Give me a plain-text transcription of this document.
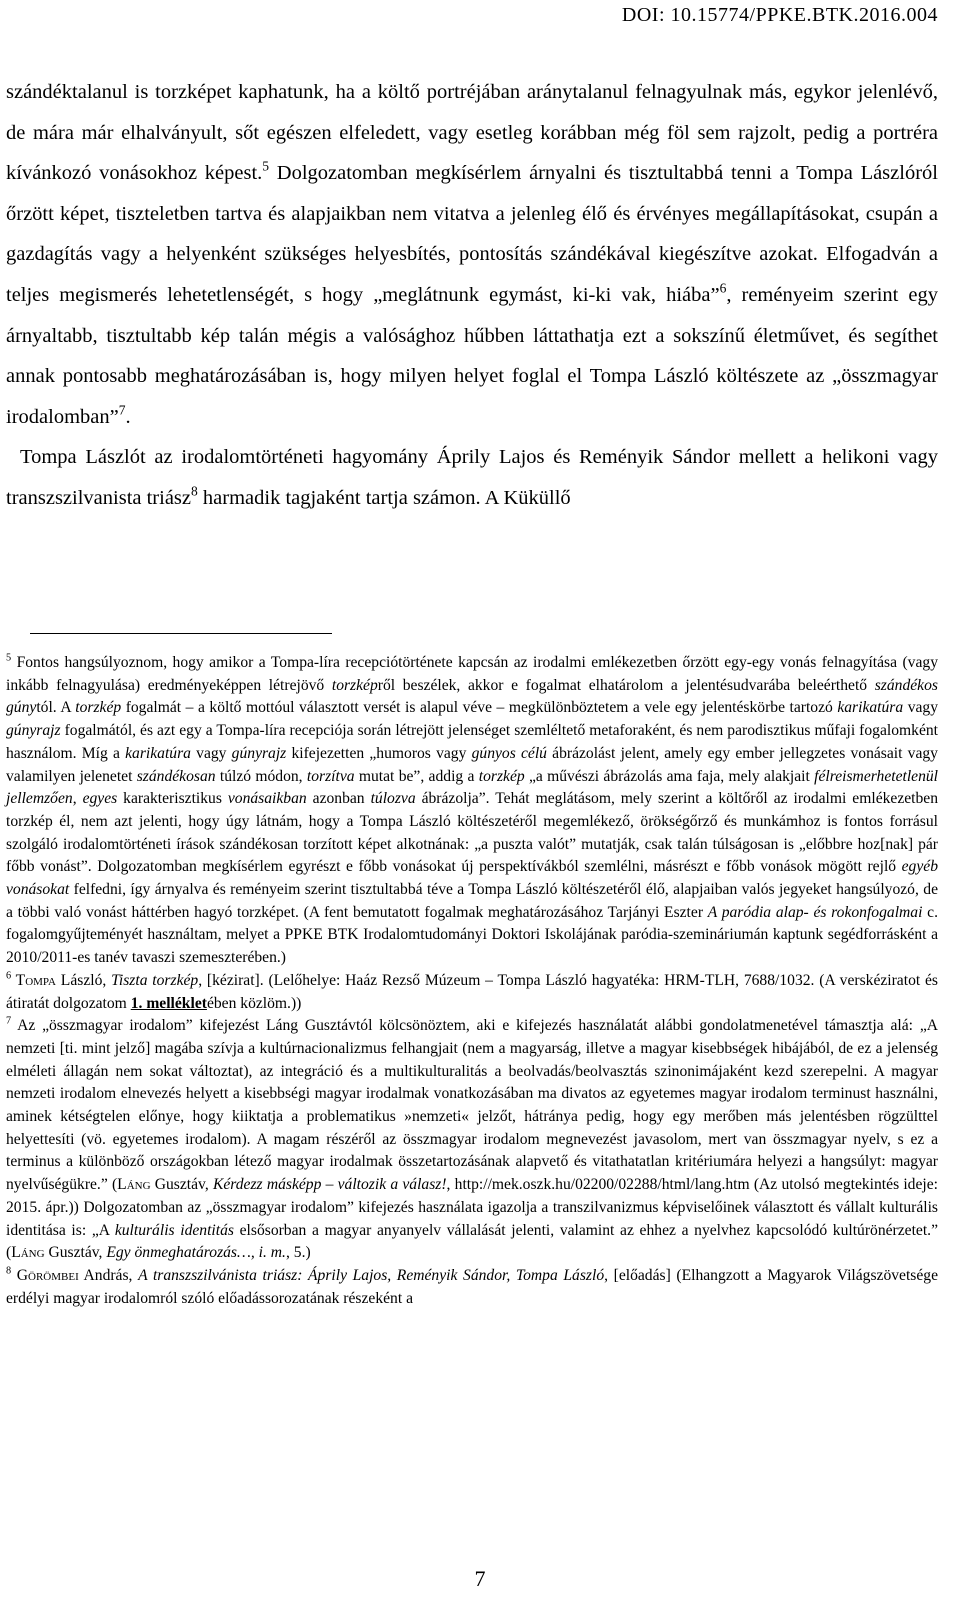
DOI: 10.15774/PPKE.BTK.2016.004

szándéktalanul is torzképet kaphatunk, ha a költő portréjában aránytalanul felnagyulnak más, egykor jelenlévő, de mára már elhalványult, sőt egészen elfeledett, vagy esetleg korábban még föl sem rajzolt, pedig a portréra kívánkozó vonásokhoz képest.$^5$ Dolgozatomban megkísérlem árnyalni és tisztultabbá tenni a Tompa Lászlóról őrzött képet, tiszteletben tartva és alapjaikban nem vitatva a jelenleg élő és érvényes megállapításokat, csupán a gazdagítás vagy a helyenként szükséges helyesbítés, pontosítás szándékával kiegészítve azokat. Elfogadván a teljes megismerés lehetetlenségét, s hogy „meglátnunk egymást, ki-ki vak, hiába”$^6$, reményeim szerint egy árnyaltabb, tisztultabb kép talán mégis a valósághoz hűbben láttathatja ezt a sokszínű életművet, és segíthet annak pontosabb meghatározásában is, hogy milyen helyet foglal el Tompa László költészete az „összmagyar irodalomban”$^7$.

Tompa Lászlót az irodalomtörténeti hagyomány Áprily Lajos és Reményik Sándor mellett a helikoni vagy transzszilvanista triász$^8$ harmadik tagjaként tartja számon. A Küküllő

$^5$ Fontos hangsúlyoznom, hogy amikor a Tompa-líra recepciótörténete kapcsán az irodalmi emlékezetben őrzött egy-egy vonás felnagyítása (vagy inkább felnagyulása) eredményeképpen létrejövő torzképről beszélek, akkor e fogalmat elhatárolom a jelentésudvarába beleérthető szándékos gúnytól. A torzkép fogalmát – a költő mottóul választott versét is alapul véve – megkülönböztetem a vele egy jelentéskörbe tartozó karikatúra vagy gúnyrajz fogalmától, és azt egy a Tompa-líra recepciója során létrejött jelenséget szemléltető metaforaként, és nem parodisztikus műfaji fogalomként használom. Míg a karikatúra vagy gúnyrajz kifejezetten „humoros vagy gúnyos célú ábrázolást jelent, amely egy ember jellegzetes vonásait vagy valamilyen jelenetet szándékosan túlzó módon, torzítva mutat be”, addig a torzkép „a művészi ábrázolás ama faja, mely alakjait félreismerhetetlenül jellemzően, egyes karakterisztikus vonásaikban azonban túlozva ábrázolja”. Tehát meglátásom, mely szerint a költőről az irodalmi emlékezetben torzkép él, nem azt jelenti, hogy úgy látnám, hogy a Tompa László költészetéről megemlékező, örökségőrző és munkámhoz is fontos forrásul szolgáló irodalomtörténeti írások szándékosan torzított képet alkotnának: „a puszta valót” mutatják, csak talán túlságosan is „előbbre hoz[nak] pár főbb vonást”. Dolgozatomban megkísérlem egyrészt e főbb vonásokat új perspektívákból szemlélni, másrészt e főbb vonások mögött rejlő egyéb vonásokat felfedni, így árnyalva és reményeim szerint tisztultabbá téve a Tompa László költészetéről élő, alapjaiban valós jegyeket hangsúlyozó, de a többi való vonást háttérben hagyó torzképet. (A fent bemutatott fogalmak meghatározásához Tarjányi Eszter A paródia alap- és rokonfogalmai c. fogalomgyűjteményét használtam, melyet a PPKE BTK Irodalomtudományi Doktori Iskolájának paródia-szemináriumán kaptunk segédforrásként a 2010/2011-es tanév tavaszi szemeszterében.)

$^6$ Tompa László, Tiszta torzkép, [kézirat]. (Lelőhelye: Haáz Rezső Múzeum – Tompa László hagyatéka: HRM-TLH, 7688/1032. (A verskéziratot és átiratát dolgozatom 1. mellékletében közlöm.))

$^7$ Az „összmagyar irodalom” kifejezést Láng Gusztávtól kölcsönöztem, aki e kifejezés használatát alábbi gondolatmenetével támasztja alá: „A nemzeti [ti. mint jelző] magába szívja a kultúrnacionalizmus felhangjait (nem a magyarság, illetve a magyar kisebbségek hibájából, de ez a jelenség elméleti állagán nem sokat változtat), az integráció és a multikulturalitás a beolvadás/beolvasztás szinonimájaként kezd szerepelni. A magyar nemzeti irodalom elnevezés helyett a kisebbségi magyar irodalmak vonatkozásában ma divatos az egyetemes magyar irodalom terminust használni, aminek kétségtelen előnye, hogy kiiktatja a problematikus »nemzeti« jelzőt, hátránya pedig, hogy egy merőben más jelentésben rögzülttel helyettesíti (vö. egyetemes irodalom). A magam részéről az összmagyar irodalom megnevezést javasolom, mert van összmagyar nyelv, s ez a terminus a különböző országokban létező magyar irodalmak összetartozásának alapvető és vitathatatlan kritériumára helyezi a hangsúlyt: magyar nyelvűségükre.” (Láng Gusztáv, Kérdezz másképp – változik a válasz!, http://mek.oszk.hu/02200/02288/html/lang.htm (Az utolsó megtekintés ideje: 2015. ápr.)) Dolgozatomban az „összmagyar irodalom” kifejezés használata igazolja a transzilvanizmus képviselőinek választott és vállalt kulturális identitása is: „A kulturális identitás elsősorban a magyar anyanyelv vállalását jelenti, valamint az ehhez a nyelvhez kapcsolódó kultúrönérzetet.” (Láng Gusztáv, Egy önmeghatározás…, i. m., 5.)

$^8$ Görömbei András, A transzszilvánista triász: Áprily Lajos, Reményik Sándor, Tompa László, [előadás] (Elhangzott a Magyarok Világszövetsége erdélyi magyar irodalomról szóló előadássorozatának részeként a

7
